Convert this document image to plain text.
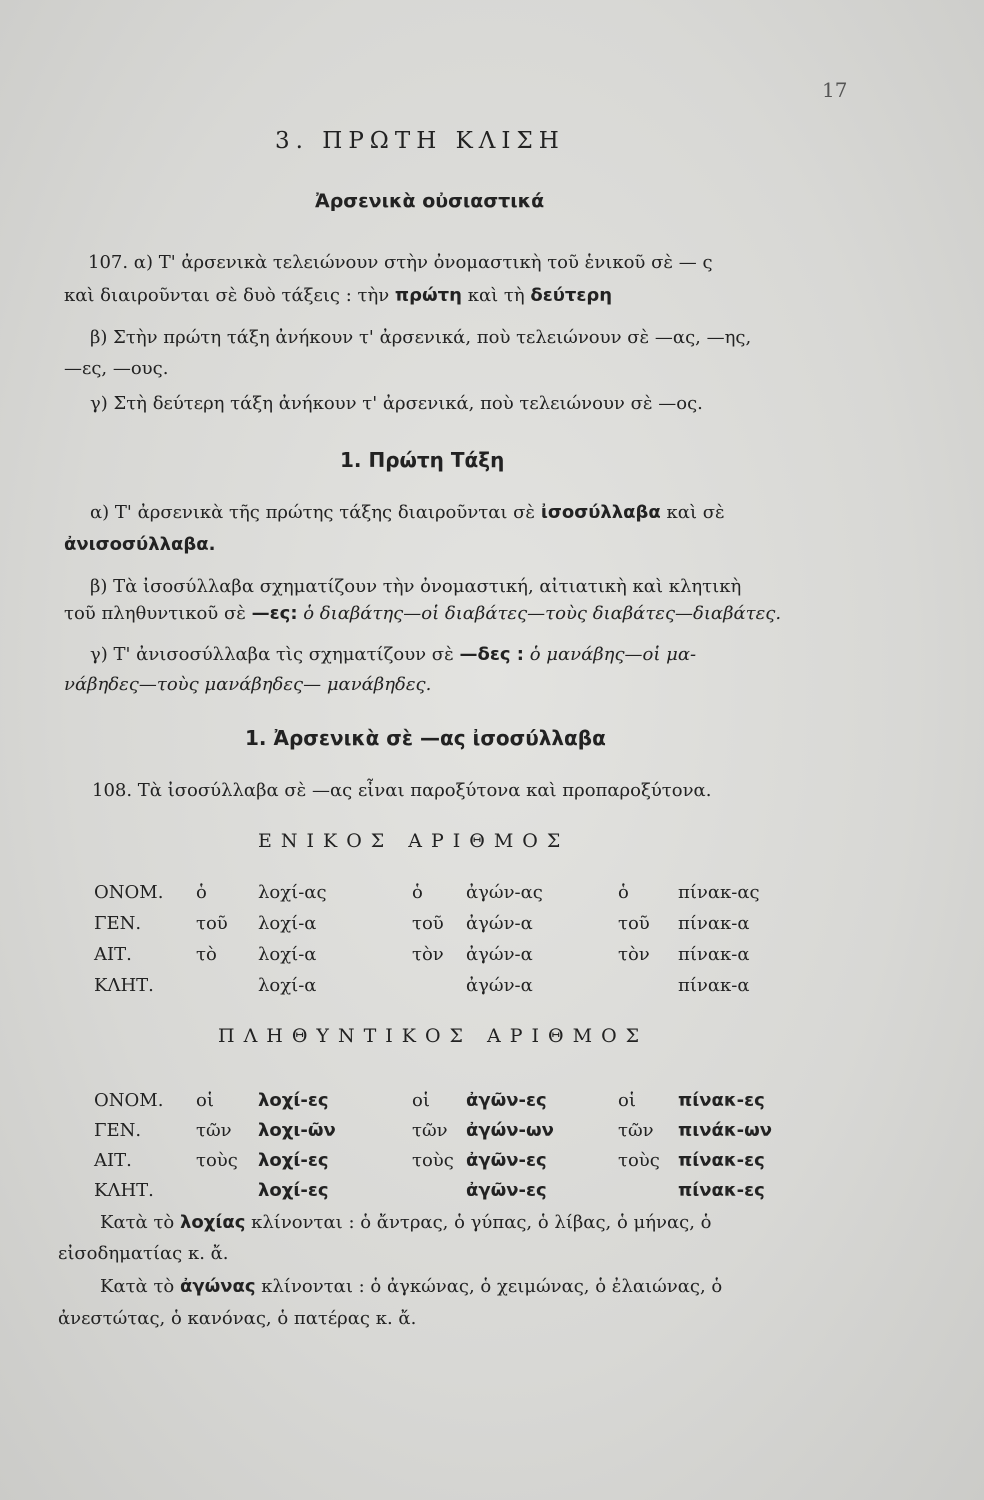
17
3. ΠΡΩΤΗ ΚΛΙΣΗ
Ἀρσενικὰ οὐσιαστικά
107. α) Τ' ἀρσενικὰ τελειώνουν στὴν ὀνομαστικὴ τοῦ ἑνικοῦ σὲ — ς
καὶ διαιροῦνται σὲ δυὸ τάξεις : τὴν πρώτη καὶ τὴ δεύτερη
β) Στὴν πρώτη τάξη ἀνήκουν τ' ἀρσενικά, ποὺ τελειώνουν σὲ —ας, —ης,
—ες, —ους.
γ) Στὴ δεύτερη τάξη ἀνήκουν τ' ἀρσενικά, ποὺ τελειώνουν σὲ —ος.
1. Πρώτη Τάξη
α) Τ' ἀρσενικὰ τῆς πρώτης τάξης διαιροῦνται σὲ ἰσοσύλλαβα καὶ σὲ
ἀνισοσύλλαβα.
β) Τὰ ἰσοσύλλαβα σχηματίζουν τὴν ὀνομαστική, αἰτιατικὴ καὶ κλητικὴ
τοῦ πληθυντικοῦ σὲ —ες: ὁ διαβάτης—οἱ διαβάτες—τοὺς διαβάτες—διαβάτες.
γ) Τ' ἀνισοσύλλαβα τὶς σχηματίζουν σὲ —δες : ὁ μανάβης—οἱ μα-
νάβηδες—τοὺς μανάβηδες— μανάβηδες.
1. Ἀρσενικὰ σὲ —ας ἰσοσύλλαβα
108. Τὰ ἰσοσύλλαβα σὲ —ας εἶναι παροξύτονα καὶ προπαροξύτονα.
ΕΝΙΚΟΣ ΑΡΙΘΜΟΣ
ΟΝΟΜ. ὁ	λοχί-ας	ὁ ἀγών-ας	ὁ	πίνακ-ας
ΓΕΝ.	τοῦ λοχί-α	τοῦ ἀγών-α	τοῦ πίνακ-α
ΑΙΤ.	τὸ λοχί-α	τὸν ἀγών-α	τὸν πίνακ-α
ΚΛΗΤ.	λοχί-α	ἀγών-α	πίνακ-α
ΠΛΗΘΥΝΤΙΚΟΣ ΑΡΙΘΜΟΣ
ΟΝΟΜ. οἱ λοχί-ες	οἱ ἀγῶν-ες	οἱ πίνακ-ες
ΓΕΝ.	τῶν λοχι-ῶν	τῶν ἀγών-ων	τῶν πινάκ-ων
ΑΙΤ.	τοὺς λοχί-ες	τοὺς ἀγῶν-ες	τοὺς πίνακ-ες
ΚΛΗΤ.	λοχί-ες	ἀγῶν-ες	πίνακ-ες
Κατὰ τὸ λοχίας κλίνονται : ὁ ἄντρας, ὁ γύπας, ὁ λίβας, ὁ μήνας, ὁ
εἰσοδηματίας κ. ἄ.
Κατὰ τὸ ἀγώνας κλίνονται : ὁ ἀγκώνας, ὁ χειμώνας, ὁ ἐλαιώνας, ὁ
ἀνεστώτας, ὁ κανόνας, ὁ πατέρας κ. ἄ.
